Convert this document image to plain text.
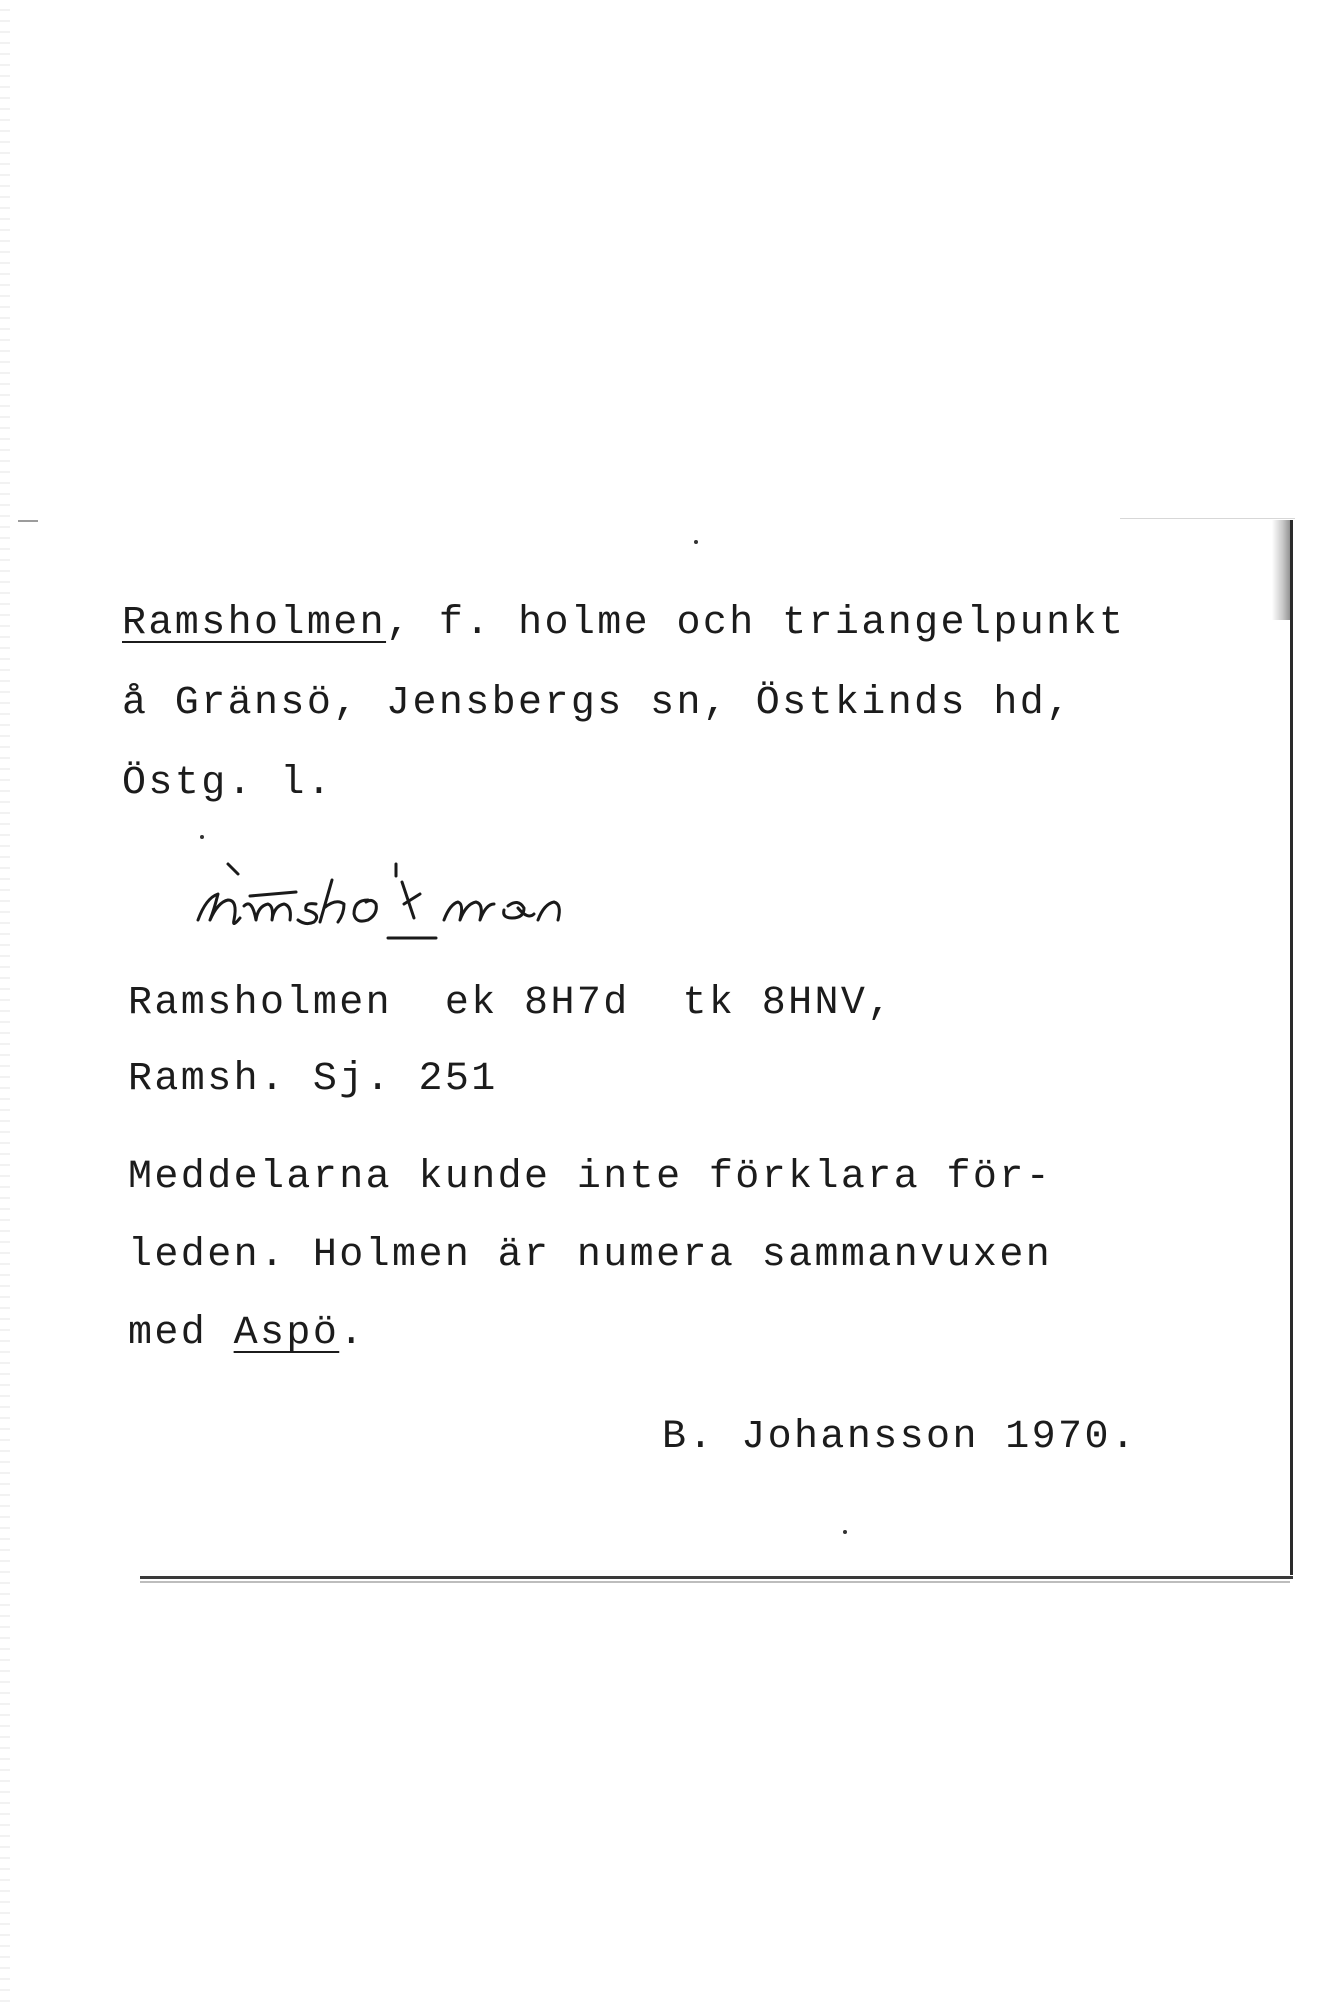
Ramsholmen, f. holme och triangelpunkt

å Gränsö, Jensbergs sn, Östkinds hd,

Östg. l.

Ramsholmen  ek 8H7d  tk 8HNV,

Ramsh. Sj. 251

Meddelarna kunde inte förklara för-

leden. Holmen är numera sammanvuxen

med Aspö.

B. Johansson 1970.
